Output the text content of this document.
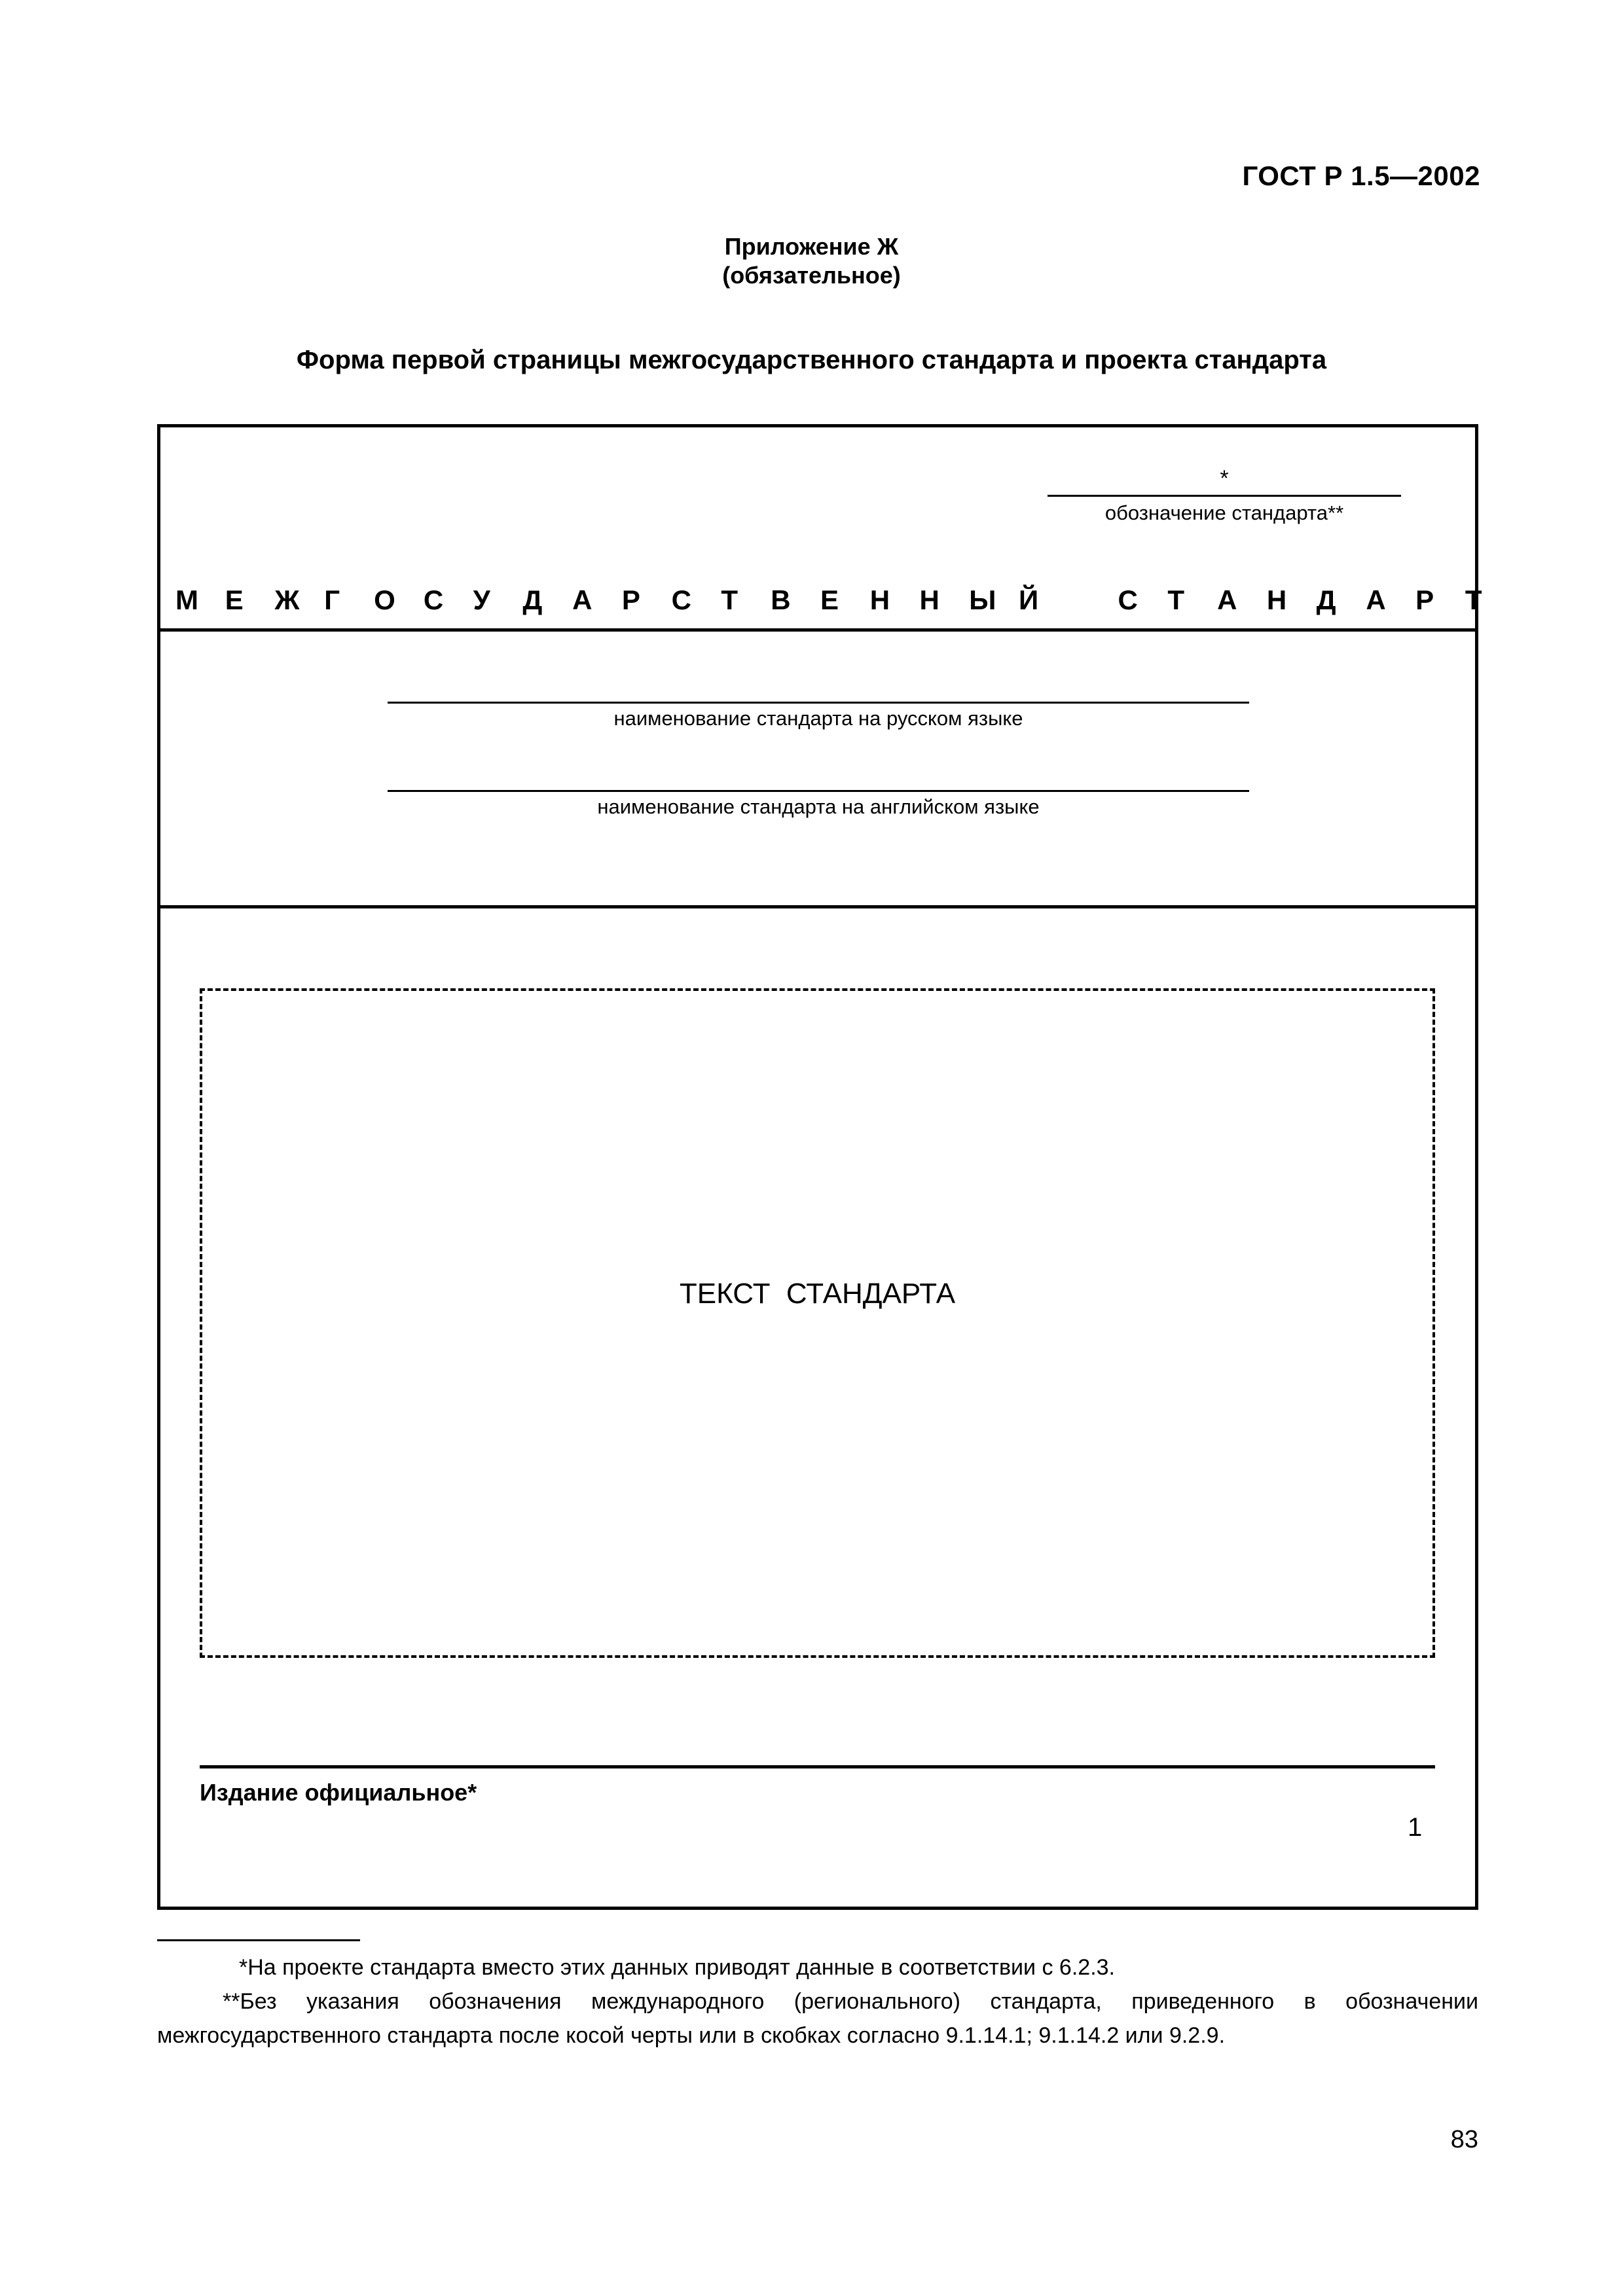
ГОСТ Р 1.5—2002
Приложение Ж
(обязательное)
Форма первой страницы межгосударственного стандарта и проекта стандарта
*
обозначение стандарта**
М Е Ж Г О С У Д А Р С Т В Е Н Н Ы Й	С Т А Н Д А Р Т
наименование стандарта на русском языке
наименование стандарта на английском языке
ТЕКСТ  СТАНДАРТА
Издание официальное*
1
*На проекте стандарта вместо этих данных приводят данные в соответствии с 6.2.3.
**Без указания обозначения международного (регионального) стандарта, приведенного в обозначении межгосударственного стандарта после косой черты или в скобках согласно 9.1.14.1; 9.1.14.2 или 9.2.9.
83
